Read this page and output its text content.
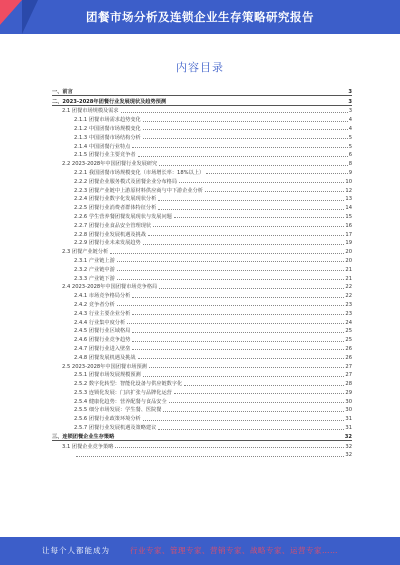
团餐市场分析及连锁企业生存策略研究报告
内容目录
一、前言	3
二、2023-2028年团餐行业发展现状及趋势预测	3
2.1 团餐市场规模及需求	3
2.1.1 团餐市场需求趋势变化	4
2.1.2 中国团餐市场规模变化	4
2.1.3 中国团餐市场结构分析	5
2.1.4 中国团餐行业特点	5
2.1.5 团餐行业主要竞争者	6
2.2 2023-2028年中国团餐行业发展研究	8
2.2.1 我国团餐市场规模变化（市场增长率：18%以上）	9
2.2.2 团餐企业服务模式及团餐企业分布格局	10
2.2.3 团餐产业链中上游原材料供应商与中下游企业分析	12
2.2.4 团餐行业数字化发展现状分析	13
2.2.5 团餐行业消费者群体特征分析	14
2.2.6 学生营养餐团餐发展现状与发展问题	15
2.2.7 团餐行业食品安全管理现状	16
2.2.8 团餐行业发展机遇及挑战	17
2.2.9 团餐行业未来发展趋势	19
2.3 团餐产业链分析	20
2.3.1 产业链上游	20
2.3.2 产业链中游	21
2.3.3 产业链下游	21
2.4 2023-2028年中国团餐市场竞争格局	22
2.4.1 市场竞争格局分析	22
2.4.2 竞争者分析	23
2.4.3 行业主要企业分析	23
2.4.4 行业集中度分析	24
2.4.5 团餐行业区域格局	25
2.4.6 团餐行业竞争趋势	25
2.4.7 团餐行业进入壁垒	26
2.4.8 团餐发展机遇及挑战	26
2.5 2023-2028年中国团餐市场预测	27
2.5.1 团餐市场发展规模预测	27
2.5.2 数字化转型：智能化设备与供应链数字化	28
2.5.3 连锁化发展：门店扩张与品牌化运营	29
2.5.4 健康化趋势：营养配餐与食品安全	30
2.5.5 细分市场发展：学生餐、医院餐	30
2.5.6 团餐行业政策环境分析	31
2.5.7 团餐行业发展机遇及策略建议	31
三、连锁团餐企业生存策略	32
3.1 团餐企业竞争策略	32
32
让每个人都能成为	行业专家、管理专家、营销专家、战略专家、运营专家……
